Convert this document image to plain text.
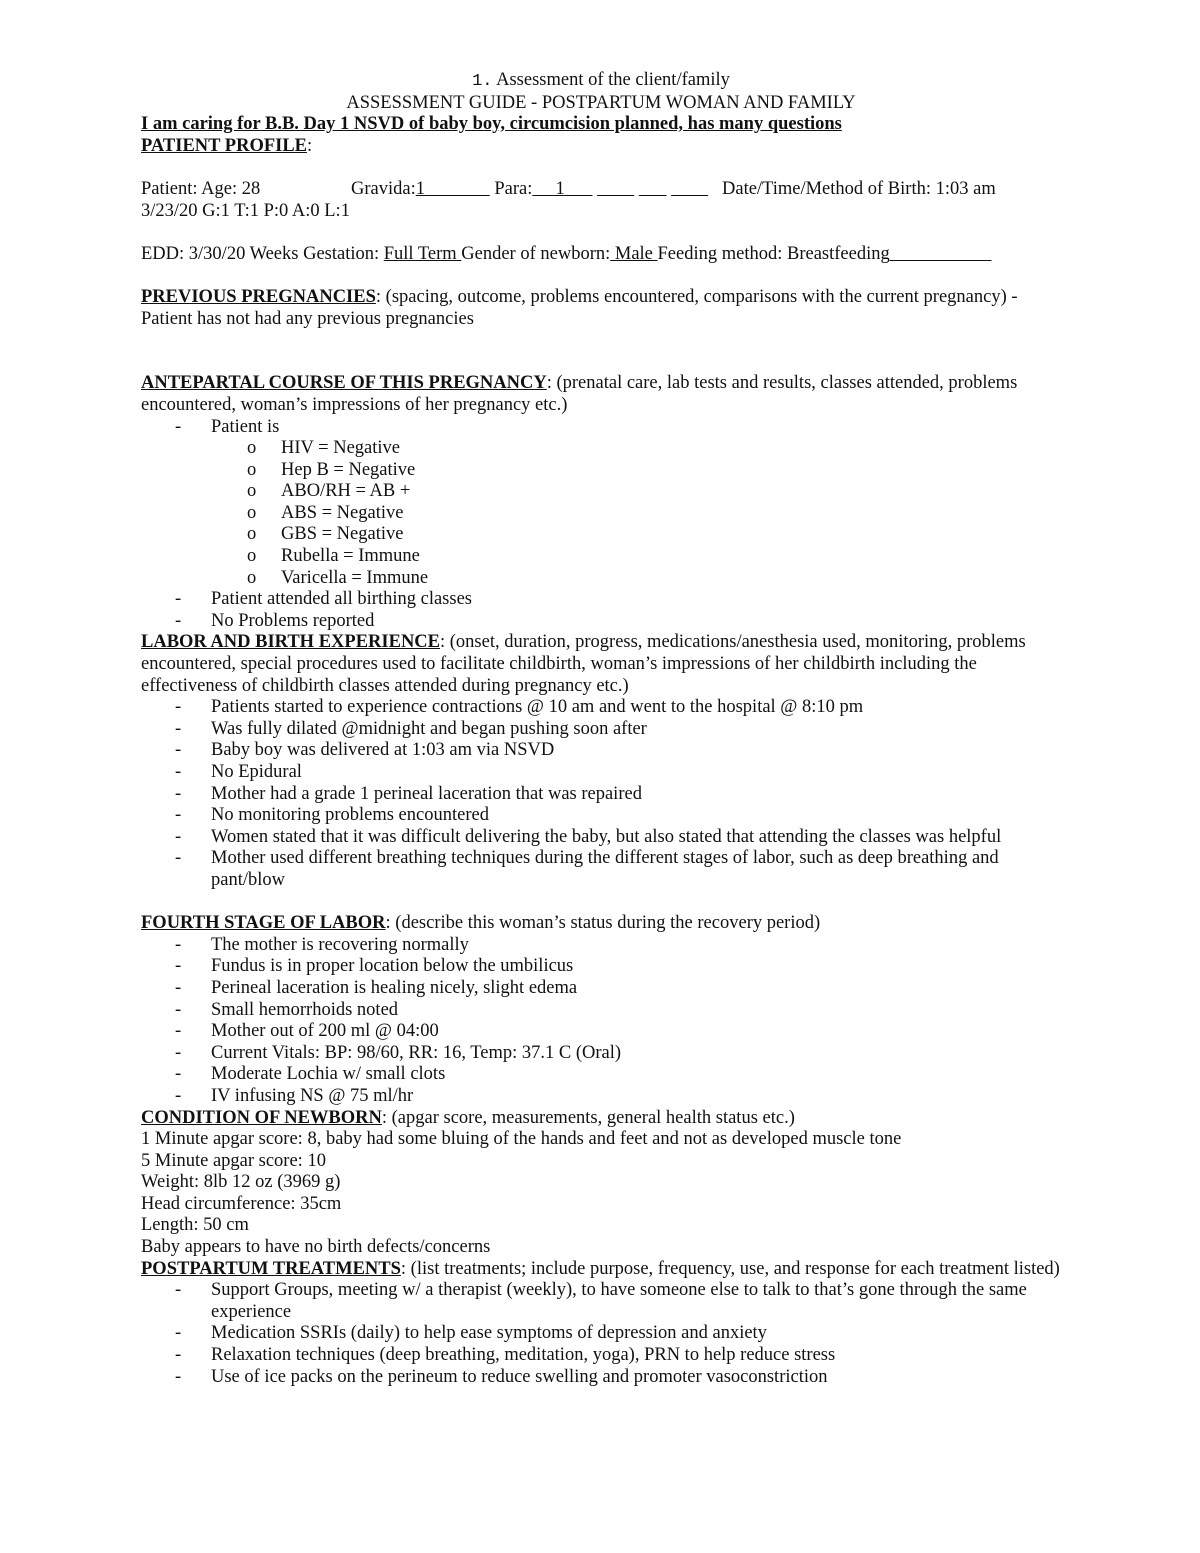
1. Assessment of the client/family

ASSESSMENT GUIDE - POSTPARTUM WOMAN AND FAMILY

I am caring for B.B. Day 1 NSVD of baby boy, circumcision planned, has many questions

PATIENT PROFILE:

Patient: Age: 28	Gravida:1	Para: 1	Date/Time/Method of Birth: 1:03 am

3/23/20 G:1 T:1 P:0 A:0 L:1

EDD: 3/30/20 Weeks Gestation: Full Term Gender of newborn: Male Feeding method: Breastfeeding

PREVIOUS PREGNANCIES: (spacing, outcome, problems encountered, comparisons with the current pregnancy) - Patient has not had any previous pregnancies

ANTEPARTAL COURSE OF THIS PREGNANCY: (prenatal care, lab tests and results, classes attended, problems encountered, woman’s impressions of her pregnancy etc.)

- Patient is
o HIV = Negative
o Hep B = Negative
o ABO/RH = AB +
o ABS = Negative
o GBS = Negative
o Rubella = Immune
o Varicella = Immune
- Patient attended all birthing classes
- No Problems reported

LABOR AND BIRTH EXPERIENCE: (onset, duration, progress, medications/anesthesia used, monitoring, problems encountered, special procedures used to facilitate childbirth, woman’s impressions of her childbirth including the effectiveness of childbirth classes attended during pregnancy etc.)

- Patients started to experience contractions @ 10 am and went to the hospital @ 8:10 pm
- Was fully dilated @midnight and began pushing soon after
- Baby boy was delivered at 1:03 am via NSVD
- No Epidural
- Mother had a grade 1 perineal laceration that was repaired
- No monitoring problems encountered
- Women stated that it was difficult delivering the baby, but also stated that attending the classes was helpful
- Mother used different breathing techniques during the different stages of labor, such as deep breathing and pant/blow

FOURTH STAGE OF LABOR: (describe this woman’s status during the recovery period)

- The mother is recovering normally
- Fundus is in proper location below the umbilicus
- Perineal laceration is healing nicely, slight edema
- Small hemorrhoids noted
- Mother out of 200 ml @ 04:00
- Current Vitals: BP: 98/60, RR: 16, Temp: 37.1 C (Oral)
- Moderate Lochia w/ small clots
- IV infusing NS @ 75 ml/hr

CONDITION OF NEWBORN: (apgar score, measurements, general health status etc.)

1 Minute apgar score: 8, baby had some bluing of the hands and feet and not as developed muscle tone

5 Minute apgar score: 10

Weight: 8lb 12 oz (3969 g)

Head circumference: 35cm

Length: 50 cm

Baby appears to have no birth defects/concerns

POSTPARTUM TREATMENTS: (list treatments; include purpose, frequency, use, and response for each treatment listed)

- Support Groups, meeting w/ a therapist (weekly), to have someone else to talk to that’s gone through the same experience
- Medication SSRIs (daily) to help ease symptoms of depression and anxiety
- Relaxation techniques (deep breathing, meditation, yoga), PRN to help reduce stress
- Use of ice packs on the perineum to reduce swelling and promoter vasoconstriction
